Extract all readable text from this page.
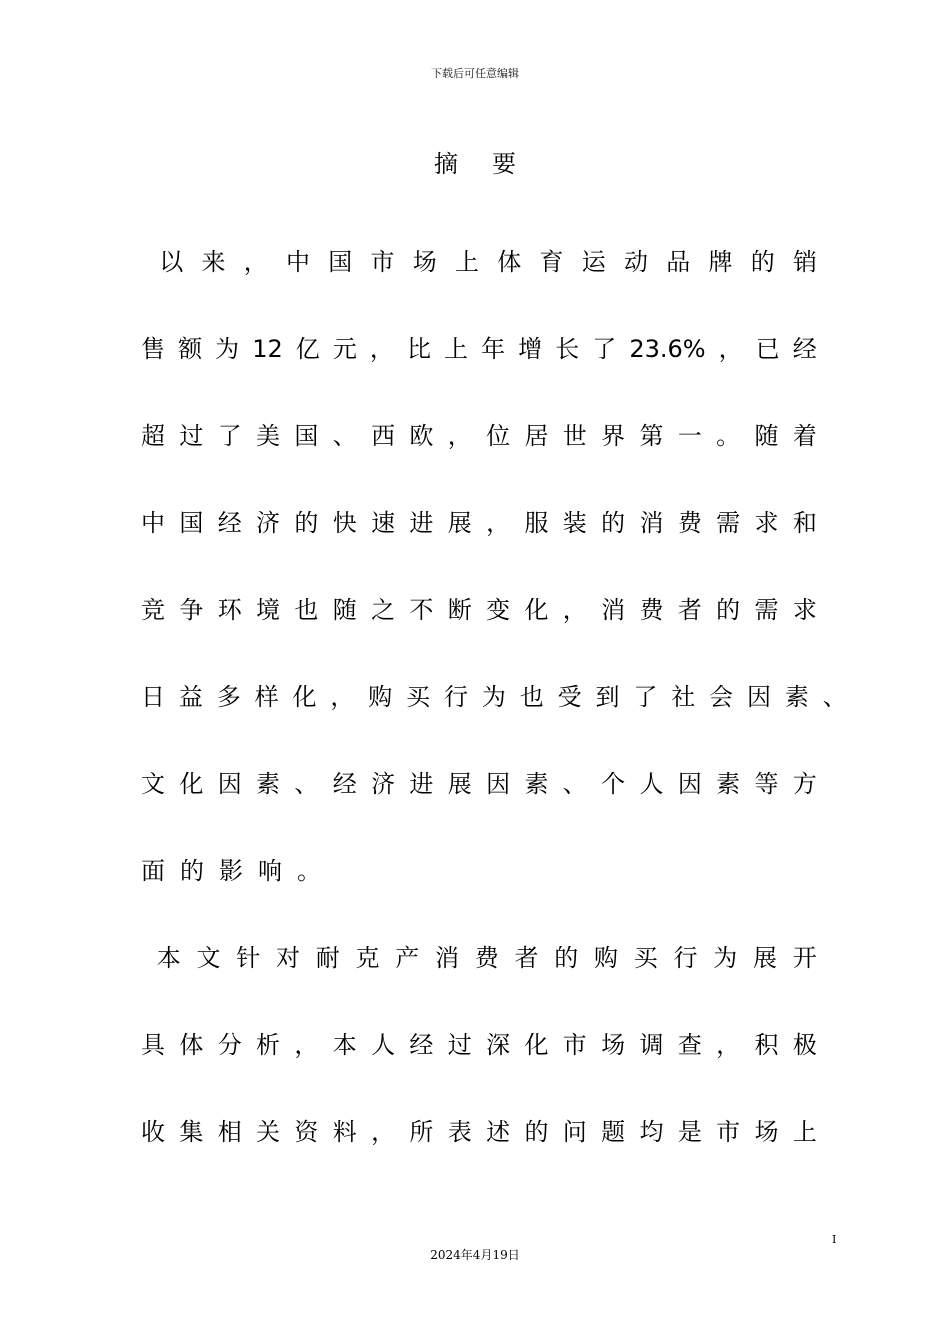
下载后可任意编辑
摘要
以 来 ， 中 国 市 场 上 体 育 运 动 品 牌 的 销
售 额 为 12 亿 元 ， 比 上 年 增 长 了 23.6% ， 已 经
超 过 了 美 国 、 西 欧 ， 位 居 世 界 第 一 。 随 着
中 国 经 济 的 快 速 进 展 ， 服 装 的 消 费 需 求 和
竞 争 环 境 也 随 之 不 断 变 化 ， 消 费 者 的 需 求
日 益 多 样 化 ， 购 买 行 为 也 受 到 了 社 会 因 素 、
文 化 因 素 、 经 济 进 展 因 素 、 个 人 因 素 等 方
面 的 影 响 。
本 文 针 对 耐 克 产 消 费 者 的 购 买 行 为 展 开
具 体 分 析 ， 本 人 经 过 深 化 市 场 调 查 ， 积 极
收 集 相 关 资 料 ， 所 表 述 的 问 题 均 是 市 场 上
I
2024年4月19日
